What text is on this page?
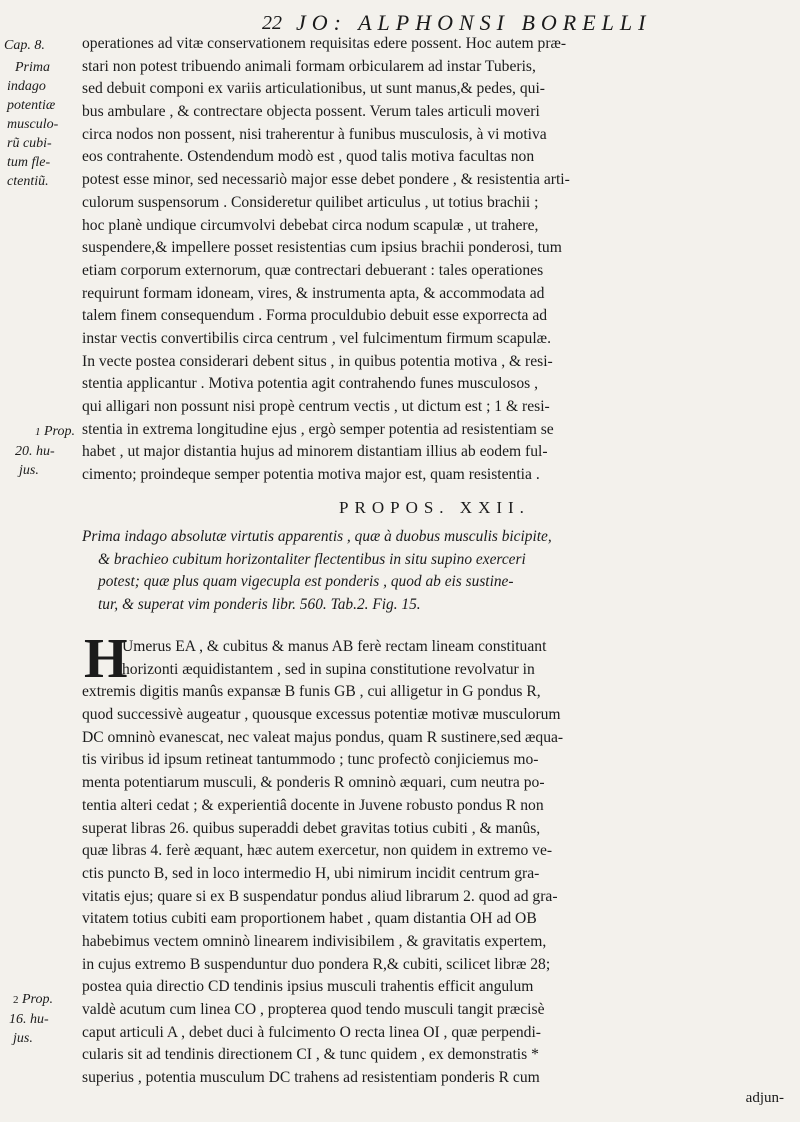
22 JO: ALPHONSI BORELLI
Cap. 8.
Prima
indago
potentiæ
musculo-
rũ cubi-
tum fle-
ctentiũ.
1 Prop.
20. hu-
jus.
2 Prop.
16. hu-
jus.
operationes ad vitæ conservationem requisitas edere possent. Hoc autem præ-
stari non potest tribuendo animali formam orbicularem ad instar Tuberis,
sed debuit componi ex variis articulationibus, ut sunt manus,& pedes, qui-
bus ambulare , & contrectare objecta possent. Verum tales articuli moveri
circa nodos non possent, nisi traherentur à funibus musculosis, à vi motiva
eos contrahente. Ostendendum modò est , quod talis motiva facultas non
potest esse minor, sed necessariò major esse debet pondere , & resistentia arti-
culorum suspensorum . Consideretur quilibet articulus , ut totius brachii ;
hoc planè undique circumvolvi debebat circa nodum scapulæ , ut trahere,
suspendere,& impellere posset resistentias cum ipsius brachii ponderosi, tum
etiam corporum externorum, quæ contrectari debuerant : tales operationes
requirunt formam idoneam, vires, & instrumenta apta, & accommodata ad
talem finem consequendum . Forma proculdubio debuit esse exporrecta ad
instar vectis convertibilis circa centrum , vel fulcimentum firmum scapulæ.
In vecte postea considerari debent situs , in quibus potentia motiva , & resi-
stentia applicantur . Motiva potentia agit contrahendo funes musculosos ,
qui alligari non possunt nisi propè centrum vectis , ut dictum est ; 1 & resi-
stentia in extrema longitudine ejus , ergò semper potentia ad resistentiam se
habet , ut major distantia hujus ad minorem distantiam illius ab eodem ful-
cimento; proindeque semper potentia motiva major est, quam resistentia .
PROPOS. XXII.
Prima indago absolutæ virtutis apparentis , quæ à duobus musculis bicipite,
& brachieo cubitum horizontaliter flectentibus in situ supino exerceri
potest; quæ plus quam vigecupla est ponderis , quod ab eis sustine-
tur, & superat vim ponderis libr. 560. Tab.2. Fig. 15.
H
Umerus EA , & cubitus & manus AB ferè rectam lineam constituant
horizonti æquidistantem , sed in supina constitutione revolvatur in
extremis digitis manûs expansæ B funis GB , cui alligetur in G pondus R,
quod successivè augeatur , quousque excessus potentiæ motivæ musculorum
DC omninò evanescat, nec valeat majus pondus, quam R sustinere,sed æqua-
tis viribus id ipsum retineat tantummodo ; tunc profectò conjiciemus mo-
menta potentiarum musculi, & ponderis R omninò æquari, cum neutra po-
tentia alteri cedat ; & experientiâ docente in Juvene robusto pondus R non
superat libras 26. quibus superaddi debet gravitas totius cubiti , & manûs,
quæ libras 4. ferè æquant, hæc autem exercetur, non quidem in extremo ve-
ctis puncto B, sed in loco intermedio H, ubi nimirum incidit centrum gra-
vitatis ejus; quare si ex B suspendatur pondus aliud librarum 2. quod ad gra-
vitatem totius cubiti eam proportionem habet , quam distantia OH ad OB
habebimus vectem omninò linearem indivisibilem , & gravitatis expertem,
in cujus extremo B suspenduntur duo pondera R,& cubiti, scilicet libræ 28;
postea quia directio CD tendinis ipsius musculi trahentis efficit angulum
valdè acutum cum linea CO , propterea quod tendo musculi tangit præcisè
caput articuli A , debet duci à fulcimento O recta linea OI , quæ perpendi-
cularis sit ad tendinis directionem CI , & tunc quidem , ex demonstratis *
superius , potentia musculum DC trahens ad resistentiam ponderis R cum
adjun-
